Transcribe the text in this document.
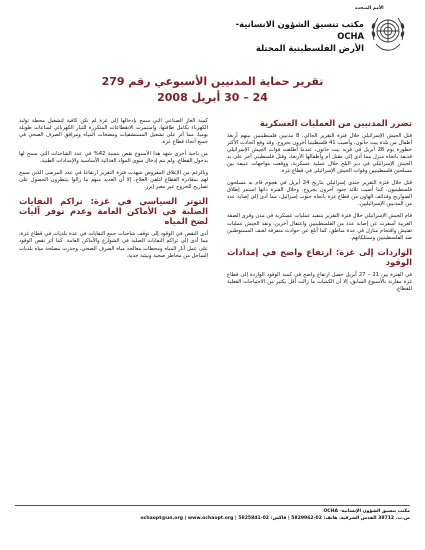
الأمم المتحدة
مكتب تنسيق الشؤون الانسانية- OCHA
الأرض الفلسطينية المحتلة
تقرير حماية المدنيين الأسبوعي رقم 279
24 – 30 أبريل 2008
تضرر المدنيين من العمليات العسكرية

قتل الجيش الإسرائيلي خلال فترة التقرير الحالي، 8 مدنيين فلسطينيين بينهم أربعة أطفال من بلدة بيت حانون، وأصيب 41 فلسطينيا آخرون بجروح. وقد وقع الحادث الأكثر خطورة يوم 28 أبريل في قرية بيت حانون، عندما أطلقت قوات الجيش الإسرائيلي قذيفة باتجاه منزل مما أدى إلى مقتل أم وأطفالها الأربعة، وقتل فلسطيني آخر على يد الجيش الإسرائيلي في دير البلح خلال عملية عسكرية، ووقعت مواجهات عنيفة بين مسلحين فلسطينيين وقوات الجيش الإسرائيلي في قطاع غزة.

قتل خلال فترة التقرير جندي إسرائيلي بتاريخ 24 أبريل في هجوم قام به مسلحون فلسطينيون، كما أصيب ثلاثة جنود آخرون بجروح. وخلال الفترة ذاتها استمر إطلاق الصواريخ وقذائف الهاون من قطاع غزة باتجاه جنوب إسرائيل، مما أدى إلى إصابة عدد من المدنيين الإسرائيليين.

قام الجيش الإسرائيلي خلال فترة التقرير بتنفيذ عمليات عسكرية في مدن وقرى الضفة الغربية أسفرت عن إصابة عدد من الفلسطينيين واعتقال آخرين، ونفذ الجيش عمليات تفتيش واقتحام منازل في عدة مناطق، كما أبلغ عن حوادث متفرقة لعنف المستوطنين ضد الفلسطينيين وممتلكاتهم.

الواردات إلى غزة: ارتفاع واضح في إمدادات الوقود

في الفترة بين 21 – 27 أبريل حصل ارتفاع واضح في كمية الوقود الواردة إلى قطاع غزة مقارنة بالأسبوع السابق، إلا أن الكميات ما زالت أقل بكثير من الاحتياجات الفعلية للقطاع.

كمية الغاز الصناعي التي سمح بإدخالها إلى غزة لم تكن كافية لتشغيل محطة توليد الكهرباء بكامل طاقتها، واستمرت الانقطاعات المتكررة للتيار الكهربائي لساعات طويلة يوميا، مما أثر على تشغيل المستشفيات ومضخات المياه ومرافق الصرف الصحي في جميع أنحاء قطاع غزة.

من ناحية أخرى شهد هذا الأسبوع نقص بنسبة 42% في عدد الشاحنات التي سمح لها بدخول القطاع، ولم يتم إدخال سوى المواد الغذائية الأساسية والإمدادات الطبية.

وبالرغم من الإغلاق المفروض شهدت فترة التقرير ارتفاعا في عدد المرضى الذين سمح لهم بمغادرة القطاع لتلقي العلاج، إلا أن العديد منهم ما زالوا ينتظرون الحصول على تصاريح للخروج عبر معبر إيرز.

التوتر السياسي في غزة: تراكم النفايات الصلبة في الأماكن العامة وعدم توفر آليات لضخ المياه

أدى النقص في الوقود إلى توقف شاحنات جمع النفايات في عدة بلديات في قطاع غزة، مما أدى إلى تراكم النفايات الصلبة في الشوارع والأماكن العامة. كما أثر نقص الوقود على عمل آبار المياه ومحطات معالجة مياه الصرف الصحي، وحذرت مصلحة مياه بلديات الساحل من مخاطر صحية وبيئية جدية.

مكتب تنسيق الشؤون الإنسانية- OCHA
ص.ب. 38712 القدس الشرقية، هاتف: 02-5829962 | فاكس: 02-5825841 | ochaopt@un.org | www.ochaopt.org
